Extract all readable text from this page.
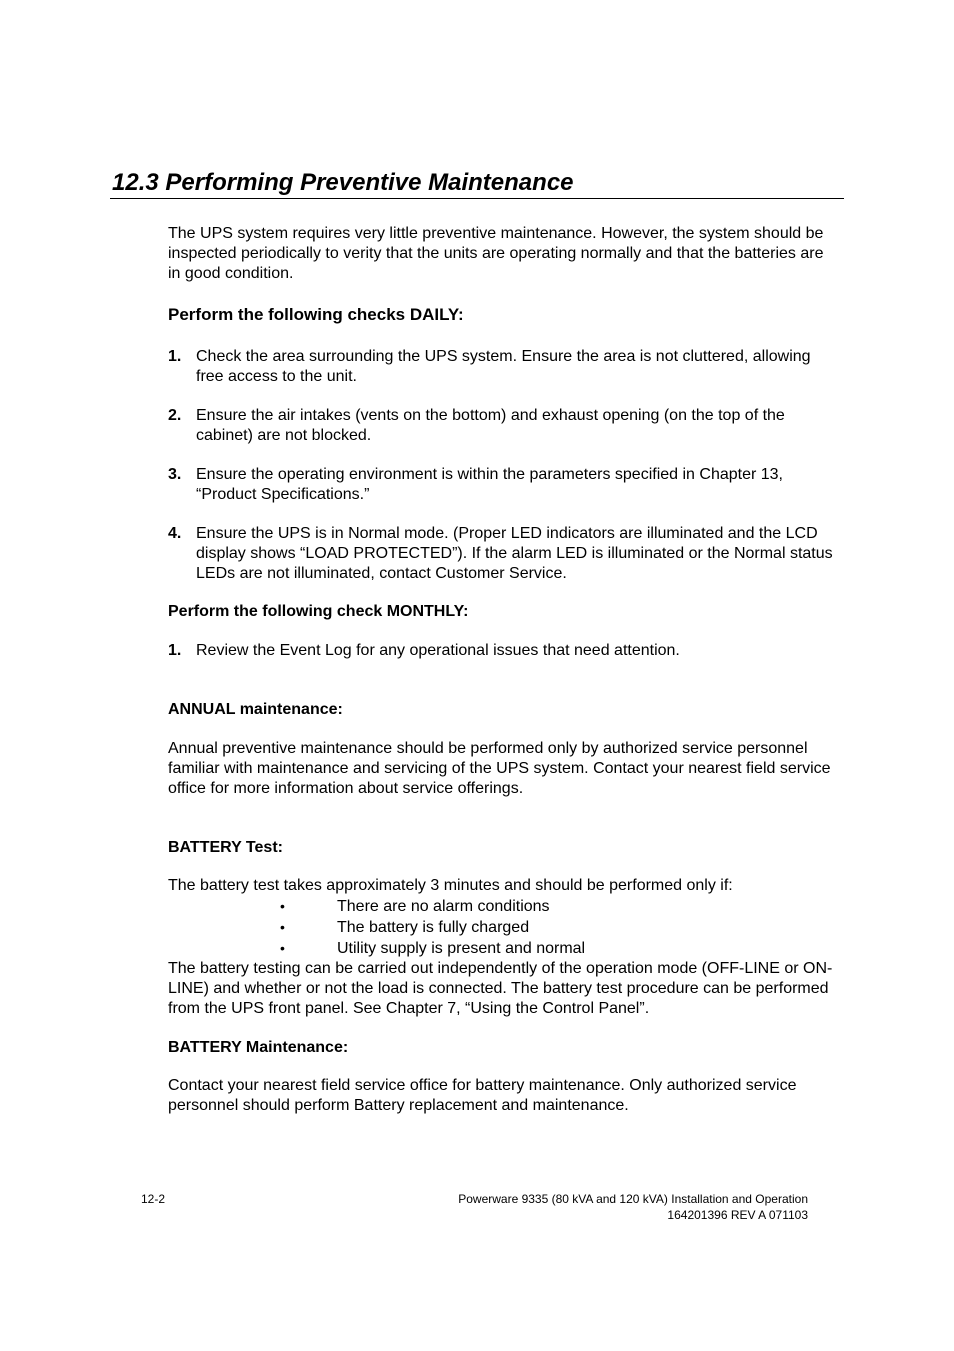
12.3 Performing Preventive Maintenance

The UPS system requires very little preventive maintenance. However, the system should be inspected periodically to verity that the units are operating normally and that the batteries are in good condition.

Perform the following checks DAILY:

1. Check the area surrounding the UPS system. Ensure the area is not cluttered, allowing free access to the unit.
2. Ensure the air intakes (vents on the bottom) and exhaust opening (on the top of the cabinet) are not blocked.
3. Ensure the operating environment is within the parameters specified in Chapter 13, “Product Specifications.”
4. Ensure the UPS is in Normal mode. (Proper LED indicators are illuminated and the LCD display shows “LOAD PROTECTED”). If the alarm LED is illuminated or the Normal status LEDs are not illuminated, contact Customer Service.

Perform the following check MONTHLY:

1. Review the Event Log for any operational issues that need attention.

ANNUAL maintenance:

Annual preventive maintenance should be performed only by authorized service personnel familiar with maintenance and servicing of the UPS system. Contact your nearest field service office for more information about service offerings.

BATTERY Test:

The battery test takes approximately 3 minutes and should be performed only if:

•	There are no alarm conditions
•	The battery is fully charged
•	Utility supply is present and normal

The battery testing can be carried out independently of the operation mode (OFF-LINE or ON-LINE) and whether or not the load is connected. The battery test procedure can be performed from the UPS front panel. See Chapter 7, “Using the Control Panel”.

BATTERY Maintenance:

Contact your nearest field service office for battery maintenance. Only authorized service personnel should perform Battery replacement and maintenance.

12-2	Powerware 9335 (80 kVA and 120 kVA) Installation and Operation
164201396 REV A 071103
